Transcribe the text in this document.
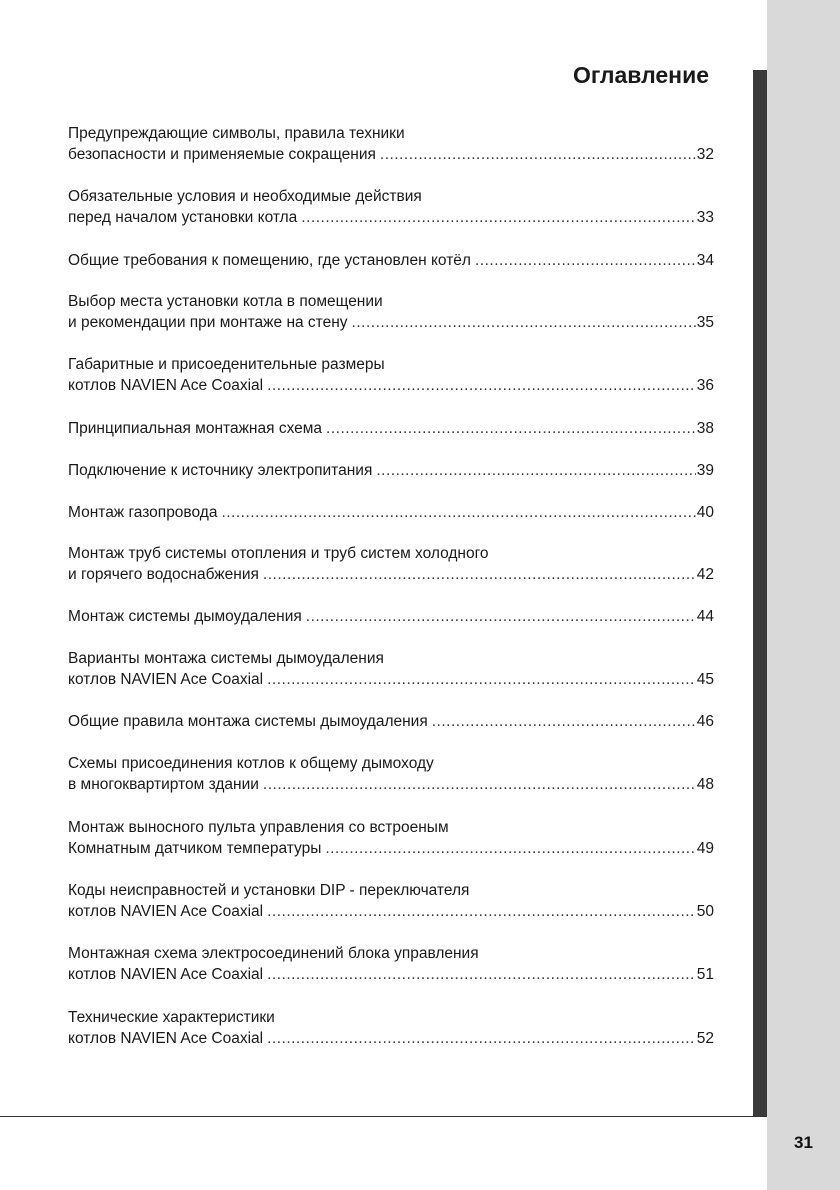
31
Оглавление
Предупреждающие символы, правила техники
безопасности и применяемые сокращения .....	32
Обязательные условия и необходимые действия
перед началом установки котла .....	33
Общие требования к помещению, где установлен котёл .....	34
Выбор места установки котла в помещении
и рекомендации при монтаже на стену .....	35
Габаритные и присоеденительные размеры
котлов NAVIEN Ace Coaxial .....	36
Принципиальная монтажная схема .....	38
Подключение к источнику электропитания .....	39
Монтаж газопровода .....	40
Монтаж труб системы отопления и труб систем холодного
и горячего водоснабжения .....	42
Монтаж системы дымоудаления .....	44
Варианты монтажа системы дымоудаления
котлов NAVIEN Ace Coaxial .....	45
Общие правила монтажа системы дымоудаления .....	46
Схемы присоединения котлов к общему дымоходу
в многоквартиртом здании .....	48
Монтаж выносного пульта управления со встроеным
Комнатным датчиком температуры .....	49
Коды неисправностей и установки DIP - переключателя
котлов NAVIEN Ace Coaxial .....	50
Монтажная схема электросоединений блока управления
котлов NAVIEN Ace Coaxial .....	51
Технические характеристики
котлов NAVIEN Ace Coaxial .....	52
